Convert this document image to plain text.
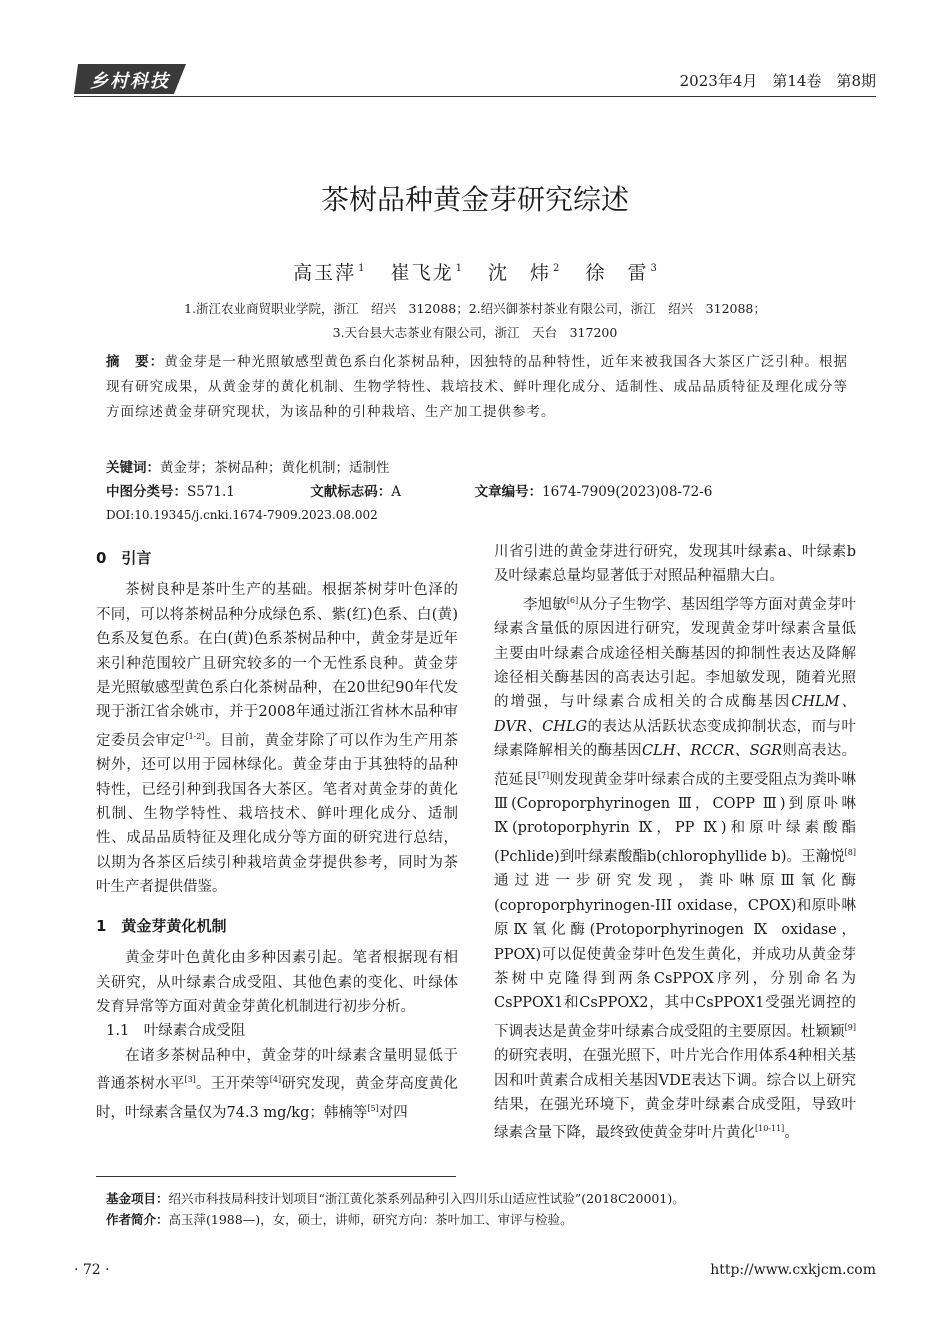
乡村科技	2023年4月　第14卷　第8期
茶树品种黄金芽研究综述
高玉萍 $^1$ 崔飞龙 $^1$ 沈　炜 $^2$ 徐　雷 $^3$
1.浙江农业商贸职业学院，浙江　绍兴　312088；2.绍兴御茶村茶业有限公司，浙江　绍兴　312088；
3.天台县大志茶业有限公司，浙江　天台　317200
摘　要：黄金芽是一种光照敏感型黄色系白化茶树品种，因独特的品种特性，近年来被我国各大茶区广泛引种。根据现有研究成果，从黄金芽的黄化机制、生物学特性、栽培技术、鲜叶理化成分、适制性、成品品质特征及理化成分等方面综述黄金芽研究现状，为该品种的引种栽培、生产加工提供参考。
关键词：黄金芽；茶树品种；黄化机制；适制性
中图分类号：S571.1	文献标志码：A	文章编号：1674-7909(2023)08-72-6
DOI:10.19345/j.cnki.1674-7909.2023.08.002
0　引言

茶树良种是茶叶生产的基础。根据茶树芽叶色泽的不同，可以将茶树品种分成绿色系、紫(红)色系、白(黄)色系及复色系。在白(黄)色系茶树品种中，黄金芽是近年来引种范围较广且研究较多的一个无性系良种。黄金芽是光照敏感型黄色系白化茶树品种，在20世纪90年代发现于浙江省余姚市，并于2008年通过浙江省林木品种审定委员会审定[1-2]。目前，黄金芽除了可以作为生产用茶树外，还可以用于园林绿化。黄金芽由于其独特的品种特性，已经引种到我国各大茶区。笔者对黄金芽的黄化机制、生物学特性、栽培技术、鲜叶理化成分、适制性、成品品质特征及理化成分等方面的研究进行总结，以期为各茶区后续引种栽培黄金芽提供参考，同时为茶叶生产者提供借鉴。

1　黄金芽黄化机制

黄金芽叶色黄化由多种因素引起。笔者根据现有相关研究，从叶绿素合成受阻、其他色素的变化、叶绿体发育异常等方面对黄金芽黄化机制进行初步分析。

1.1　叶绿素合成受阻

在诸多茶树品种中，黄金芽的叶绿素含量明显低于普通茶树水平[3]。王开荣等[4]研究发现，黄金芽高度黄化时，叶绿素含量仅为74.3 mg/kg；韩楠等[5]对四

川省引进的黄金芽进行研究，发现其叶绿素a、叶绿素b及叶绿素总量均显著低于对照品种福鼎大白。

李旭敏[6]从分子生物学、基因组学等方面对黄金芽叶绿素含量低的原因进行研究，发现黄金芽叶绿素含量低主要由叶绿素合成途径相关酶基因的抑制性表达及降解途径相关酶基因的高表达引起。李旭敏发现，随着光照的增强，与叶绿素合成相关的合成酶基因CHLM、DVR、CHLG的表达从活跃状态变成抑制状态，而与叶绿素降解相关的酶基因CLH、RCCR、SGR则高表达。范延艮[7]则发现黄金芽叶绿素合成的主要受阻点为粪卟啉Ⅲ(Coproporphyrinogen Ⅲ，COPP Ⅲ)到原卟啉Ⅸ(protoporphyrin Ⅸ，PP Ⅸ)和原叶绿素酸酯(Pchlide)到叶绿素酸酯b(chlorophyllide b)。王瀚悦[8]通过进一步研究发现，粪卟啉原Ⅲ氧化酶(coproporphyrinogen-III oxidase，CPOX)和原卟啉原Ⅸ氧化酶(Protoporphyrinogen Ⅸ oxidase，PPOX)可以促使黄金芽叶色发生黄化，并成功从黄金芽茶树中克隆得到两条CsPPOX序列，分别命名为CsPPOX1和CsPPOX2，其中CsPPOX1受强光调控的下调表达是黄金芽叶绿素合成受阻的主要原因。杜颖颖[9]的研究表明，在强光照下，叶片光合作用体系4种相关基因和叶黄素合成相关基因VDE表达下调。综合以上研究结果，在强光环境下，黄金芽叶绿素合成受阻，导致叶绿素含量下降，最终致使黄金芽叶片黄化[10-11]。

基金项目：绍兴市科技局科技计划项目“浙江黄化茶系列品种引入四川乐山适应性试验”(2018C20001)。
作者简介：高玉萍(1988—)，女，硕士，讲师，研究方向：茶叶加工、审评与检验。
· 72 ·	http://www.cxkjcm.com
